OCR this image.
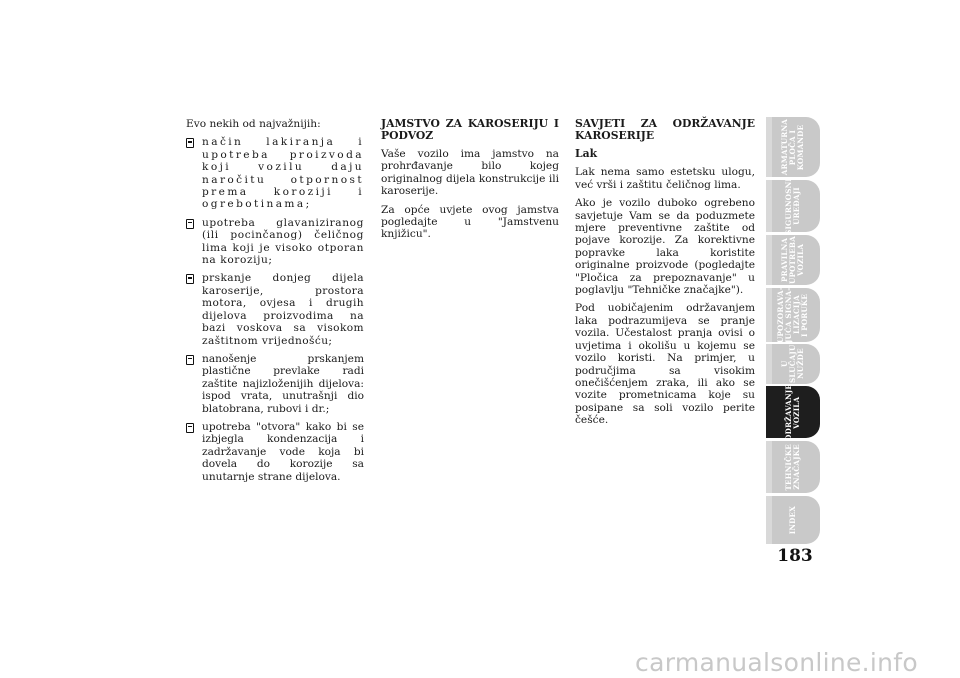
Evo nekih od najvažnijih:

način lakiranja i upotreba proizvoda koji vozilu daju naročitu otpornost prema koroziji i ogrebotinama;
upotreba glavaniziranog (ili pocinčanog) čeličnog lima koji je visoko otporan na koroziju;
prskanje donjeg dijela karoserije, prostora motora, ovjesa i drugih dijelova proizvodima na bazi voskova sa visokom zaštitnom vrijednošću;
nanošenje prskanjem plastične prevlake radi zaštite najizloženijih dijelova: ispod vrata, unutrašnji dio blatobrana, rubovi i dr.;
upotreba "otvora" kako bi se izbjegla kondenzacija i zadržavanje vode koja bi dovela do korozije sa unutarnje strane dijelova.

JAMSTVO ZA KAROSERIJU I PODVOZ

Vaše vozilo ima jamstvo na prohrđavanje bilo kojeg originalnog dijela konstrukcije ili karoserije.

Za opće uvjete ovog jamstva pogledajte u "Jamstvenu knjižicu".

SAVJETI ZA ODRŽAVANJE KAROSERIJE

Lak

Lak nema samo estetsku ulogu, već vrši i zaštitu čeličnog lima.

Ako je vozilo duboko ogrebeno savjetuje Vam se da poduzmete mjere preventivne zaštite od pojave korozije. Za korektivne popravke laka koristite originalne proizvode (pogledajte "Pločica za prepoznavanje" u poglavlju "Tehničke značajke").

Pod uobičajenim održavanjem laka podrazumijeva se pranje vozila. Učestalost pranja ovisi o uvjetima i okolišu u kojemu se vozilo koristi. Na primjer, u područjima sa visokim onečišćenjem zraka, ili ako se vozite prometnicama koje su posipane sa soli vozilo perite češće.

ARMATURNA
PLOČA I
KOMANDE
SIGURNOSNI
UREĐAJI
PRAVILNA
UPOTREBA
VOZILA
UPOZORAVA-
JUĆA SIGNA-
LIZACIJA
I PORUKE
U SLUČAJU
NUŽDE
ODRŽAVANJE
VOZILA
TEHNIČKE
ZNAČAJKE
INDEX
183
carmanualsonline.info
